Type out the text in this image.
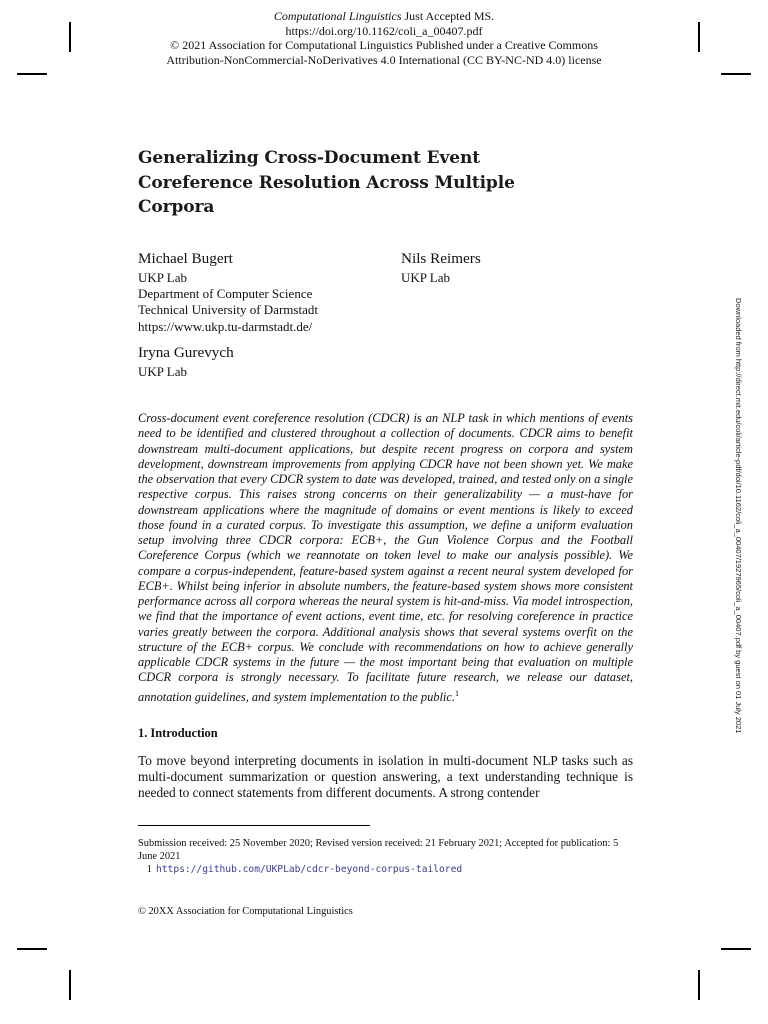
Computational Linguistics Just Accepted MS.
https://doi.org/10.1162/coli_a_00407.pdf
© 2021 Association for Computational Linguistics Published under a Creative Commons
Attribution-NonCommercial-NoDerivatives 4.0 International (CC BY-NC-ND 4.0) license
Generalizing Cross-Document Event Coreference Resolution Across Multiple Corpora
Michael Bugert
UKP Lab
Department of Computer Science
Technical University of Darmstadt
https://www.ukp.tu-darmstadt.de/
Nils Reimers
UKP Lab
Iryna Gurevych
UKP Lab
Cross-document event coreference resolution (CDCR) is an NLP task in which mentions of events need to be identified and clustered throughout a collection of documents. CDCR aims to benefit downstream multi-document applications, but despite recent progress on corpora and system development, downstream improvements from applying CDCR have not been shown yet. We make the observation that every CDCR system to date was developed, trained, and tested only on a single respective corpus. This raises strong concerns on their generalizability — a must-have for downstream applications where the magnitude of domains or event mentions is likely to exceed those found in a curated corpus. To investigate this assumption, we define a uniform evaluation setup involving three CDCR corpora: ECB+, the Gun Violence Corpus and the Football Coreference Corpus (which we reannotate on token level to make our analysis possible). We compare a corpus-independent, feature-based system against a recent neural system developed for ECB+. Whilst being inferior in absolute numbers, the feature-based system shows more consistent performance across all corpora whereas the neural system is hit-and-miss. Via model introspection, we find that the importance of event actions, event time, etc. for resolving coreference in practice varies greatly between the corpora. Additional analysis shows that several systems overfit on the structure of the ECB+ corpus. We conclude with recommendations on how to achieve generally applicable CDCR systems in the future — the most important being that evaluation on multiple CDCR corpora is strongly necessary. To facilitate future research, we release our dataset, annotation guidelines, and system implementation to the public.$^1$
1. Introduction
To move beyond interpreting documents in isolation in multi-document NLP tasks such as multi-document summarization or question answering, a text understanding technique is needed to connect statements from different documents. A strong contender
Submission received: 25 November 2020; Revised version received: 21 February 2021; Accepted for publication: 5 June 2021
1 https://github.com/UKPLab/cdcr-beyond-corpus-tailored
© 20XX Association for Computational Linguistics
Downloaded from http://direct.mit.edu/coli/article-pdf/doi/10.1162/coli_a_00407/1927965/coli_a_00407.pdf by guest on 01 July 2021
